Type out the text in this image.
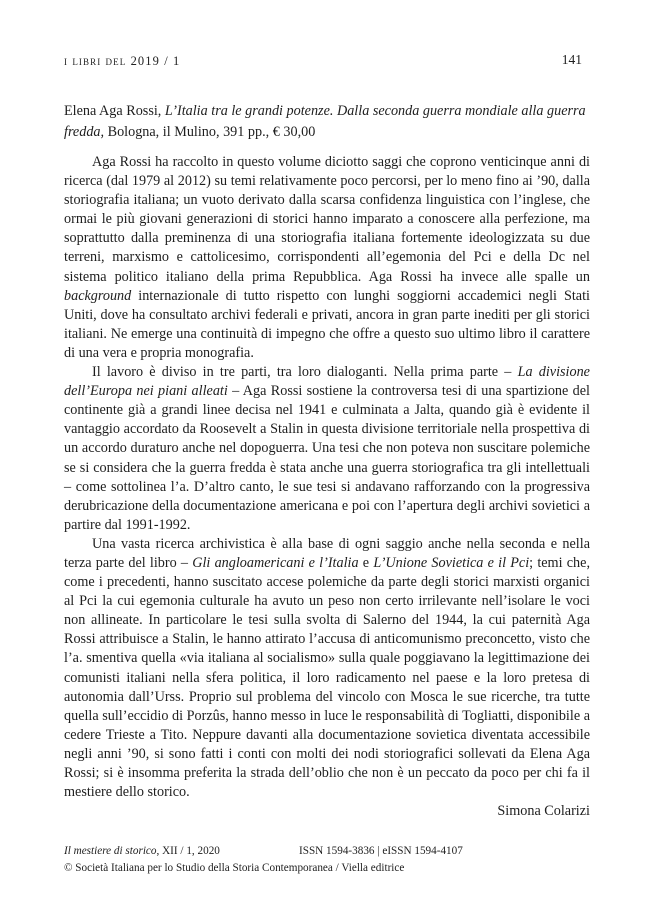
i libri del 2019 / 1	141
Elena Aga Rossi, L’Italia tra le grandi potenze. Dalla seconda guerra mondiale alla guerra fredda, Bologna, il Mulino, 391 pp., € 30,00

Aga Rossi ha raccolto in questo volume diciotto saggi che coprono venticinque anni di ricerca (dal 1979 al 2012) su temi relativamente poco percorsi, per lo meno fino ai ’90, dalla storiografia italiana; un vuoto derivato dalla scarsa confidenza linguistica con l’inglese, che ormai le più giovani generazioni di storici hanno imparato a conoscere alla perfezione, ma soprattutto dalla preminenza di una storiografia italiana fortemente ideologizzata su due terreni, marxismo e cattolicesimo, corrispondenti all’egemonia del Pci e della Dc nel sistema politico italiano della prima Repubblica. Aga Rossi ha invece alle spalle un background internazionale di tutto rispetto con lunghi soggiorni accademici negli Stati Uniti, dove ha consultato archivi federali e privati, ancora in gran parte inediti per gli storici italiani. Ne emerge una continuità di impegno che offre a questo suo ultimo libro il carattere di una vera e propria monografia.

Il lavoro è diviso in tre parti, tra loro dialoganti. Nella prima parte – La divisione dell’Europa nei piani alleati – Aga Rossi sostiene la controversa tesi di una spartizione del continente già a grandi linee decisa nel 1941 e culminata a Jalta, quando già è evidente il vantaggio accordato da Roosevelt a Stalin in questa divisione territoriale nella prospettiva di un accordo duraturo anche nel dopoguerra. Una tesi che non poteva non suscitare polemiche se si considera che la guerra fredda è stata anche una guerra storiografica tra gli intellettuali – come sottolinea l’a. D’altro canto, le sue tesi si andavano rafforzando con la progressiva derubricazione della documentazione americana e poi con l’apertura degli archivi sovietici a partire dal 1991-1992.

Una vasta ricerca archivistica è alla base di ogni saggio anche nella seconda e nella terza parte del libro – Gli angloamericani e l’Italia e L’Unione Sovietica e il Pci; temi che, come i precedenti, hanno suscitato accese polemiche da parte degli storici marxisti organici al Pci la cui egemonia culturale ha avuto un peso non certo irrilevante nell’isolare le voci non allineate. In particolare le tesi sulla svolta di Salerno del 1944, la cui paternità Aga Rossi attribuisce a Stalin, le hanno attirato l’accusa di anticomunismo preconcetto, visto che l’a. smentiva quella «via italiana al socialismo» sulla quale poggiavano la legittimazione dei comunisti italiani nella sfera politica, il loro radicamento nel paese e la loro pretesa di autonomia dall’Urss. Proprio sul problema del vincolo con Mosca le sue ricerche, tra tutte quella sull’eccidio di Porzûs, hanno messo in luce le responsabilità di Togliatti, disponibile a cedere Trieste a Tito. Neppure davanti alla documentazione sovietica diventata accessibile negli anni ’90, si sono fatti i conti con molti dei nodi storiografici sollevati da Elena Aga Rossi; si è insomma preferita la strada dell’oblio che non è un peccato da poco per chi fa il mestiere dello storico.

Simona Colarizi

Il mestiere di storico, XII / 1, 2020	ISSN 1594-3836 | eISSN 1594-4107
© Società Italiana per lo Studio della Storia Contemporanea / Viella editrice
